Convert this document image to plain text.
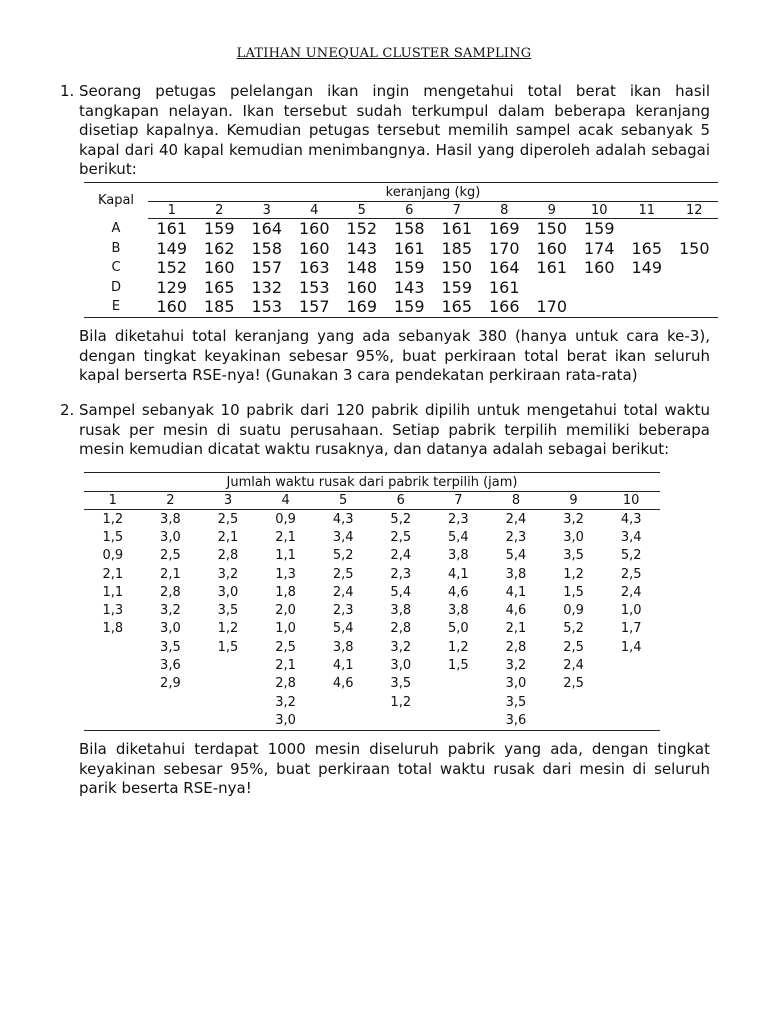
LATIHAN UNEQUAL CLUSTER SAMPLING
1. Seorang petugas pelelangan ikan ingin mengetahui total berat ikan hasil tangkapan nelayan. Ikan tersebut sudah terkumpul dalam beberapa keranjang disetiap kapalnya. Kemudian petugas tersebut memilih sampel acak sebanyak 5 kapal dari 40 kapal kemudian menimbangnya. Hasil yang diperoleh adalah sebagai berikut:
Kapal	keranjang (kg)											
	1	2	3	4	5	6	7	8	9	10	11	12
A	161	159	164	160	152	158	161	169	150	159		
B	149	162	158	160	143	161	185	170	160	174	165	150
C	152	160	157	163	148	159	150	164	161	160	149	
D	129	165	132	153	160	143	159	161				
E	160	185	153	157	169	159	165	166	170			
Bila diketahui total keranjang yang ada sebanyak 380 (hanya untuk cara ke-3), dengan tingkat keyakinan sebesar 95%, buat perkiraan total berat ikan seluruh kapal berserta RSE-nya! (Gunakan 3 cara pendekatan perkiraan rata-rata)
2. Sampel sebanyak 10 pabrik dari 120 pabrik dipilih untuk mengetahui total waktu rusak per mesin di suatu perusahaan. Setiap pabrik terpilih memiliki beberapa mesin kemudian dicatat waktu rusaknya, dan datanya adalah sebagai berikut:
Jumlah waktu rusak dari pabrik terpilih (jam)									
1	2	3	4	5	6	7	8	9	10
1,2	3,8	2,5	0,9	4,3	5,2	2,3	2,4	3,2	4,3
1,5	3,0	2,1	2,1	3,4	2,5	5,4	2,3	3,0	3,4
0,9	2,5	2,8	1,1	5,2	2,4	3,8	5,4	3,5	5,2
2,1	2,1	3,2	1,3	2,5	2,3	4,1	3,8	1,2	2,5
1,1	2,8	3,0	1,8	2,4	5,4	4,6	4,1	1,5	2,4
1,3	3,2	3,5	2,0	2,3	3,8	3,8	4,6	0,9	1,0
1,8	3,0	1,2	1,0	5,4	2,8	5,0	2,1	5,2	1,7
	3,5	1,5	2,5	3,8	3,2	1,2	2,8	2,5	1,4
	3,6		2,1	4,1	3,0	1,5	3,2	2,4	
	2,9		2,8	4,6	3,5		3,0	2,5	
			3,2		1,2		3,5		
			3,0				3,6		
Bila diketahui terdapat 1000 mesin diseluruh pabrik yang ada, dengan tingkat keyakinan sebesar 95%, buat perkiraan total waktu rusak dari mesin di seluruh parik beserta RSE-nya!
